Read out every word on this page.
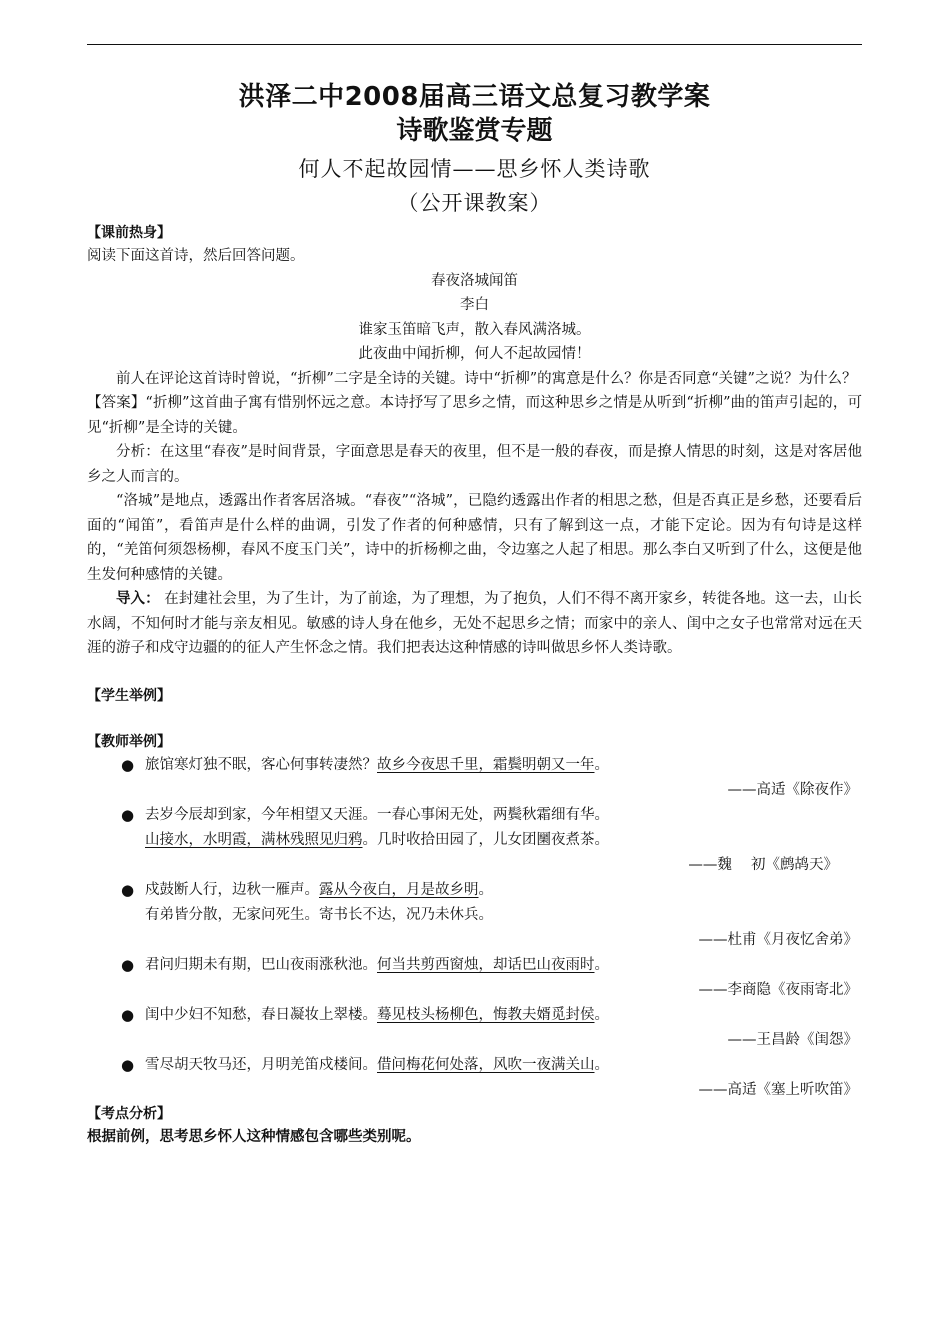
洪泽二中2008届高三语文总复习教学案
诗歌鉴赏专题
何人不起故园情——思乡怀人类诗歌
（公开课教案）
【课前热身】

阅读下面这首诗，然后回答问题。

春夜洛城闻笛

李白

谁家玉笛暗飞声，散入春风满洛城。

此夜曲中闻折柳，何人不起故园情！

前人在评论这首诗时曾说，“折柳”二字是全诗的关键。诗中“折柳”的寓意是什么？你是否同意“关键”之说？为什么？

【答案】“折柳”这首曲子寓有惜别怀远之意。本诗抒写了思乡之情，而这种思乡之情是从听到“折柳”曲的笛声引起的，可见“折柳”是全诗的关键。

分析：在这里“春夜”是时间背景，字面意思是春天的夜里，但不是一般的春夜，而是撩人情思的时刻，这是对客居他乡之人而言的。

“洛城”是地点，透露出作者客居洛城。“春夜”“洛城”，已隐约透露出作者的相思之愁，但是否真正是乡愁，还要看后面的“闻笛”，看笛声是什么样的曲调，引发了作者的何种感情，只有了解到这一点，才能下定论。因为有句诗是这样的，“羌笛何须怨杨柳，春风不度玉门关”，诗中的折杨柳之曲，令边塞之人起了相思。那么李白又听到了什么，这便是他生发何种感情的关键。

导入： 在封建社会里，为了生计，为了前途，为了理想，为了抱负，人们不得不离开家乡，转徙各地。这一去，山长水阔，不知何时才能与亲友相见。敏感的诗人身在他乡，无处不起思乡之情；而家中的亲人、闺中之女子也常常对远在天涯的游子和戍守边疆的的征人产生怀念之情。我们把表达这种情感的诗叫做思乡怀人类诗歌。

【学生举例】
【教师举例】
● 旅馆寒灯独不眠，客心何事转凄然？故乡今夜思千里，霜鬓明朝又一年。
——高适《除夜作》
● 去岁今辰却到家，今年相望又天涯。一春心事闲无处，两鬓秋霜细有华。
山接水，水明霞，满林残照见归鸦。几时收拾田园了，儿女团圞夜煮茶。
——魏　 初《鹧鸪天》
● 戍鼓断人行，边秋一雁声。露从今夜白，月是故乡明。
有弟皆分散，无家问死生。寄书长不达，况乃未休兵。
——杜甫《月夜忆舍弟》
● 君问归期未有期，巴山夜雨涨秋池。何当共剪西窗烛，却话巴山夜雨时。
——李商隐《夜雨寄北》
● 闺中少妇不知愁，春日凝妆上翠楼。蓦见枝头杨柳色，悔教夫婿觅封侯。
——王昌龄《闺怨》
● 雪尽胡天牧马还，月明羌笛戍楼间。借问梅花何处落，风吹一夜满关山。
——高适《塞上听吹笛》
【考点分析】

根据前例，思考思乡怀人这种情感包含哪些类别呢。
